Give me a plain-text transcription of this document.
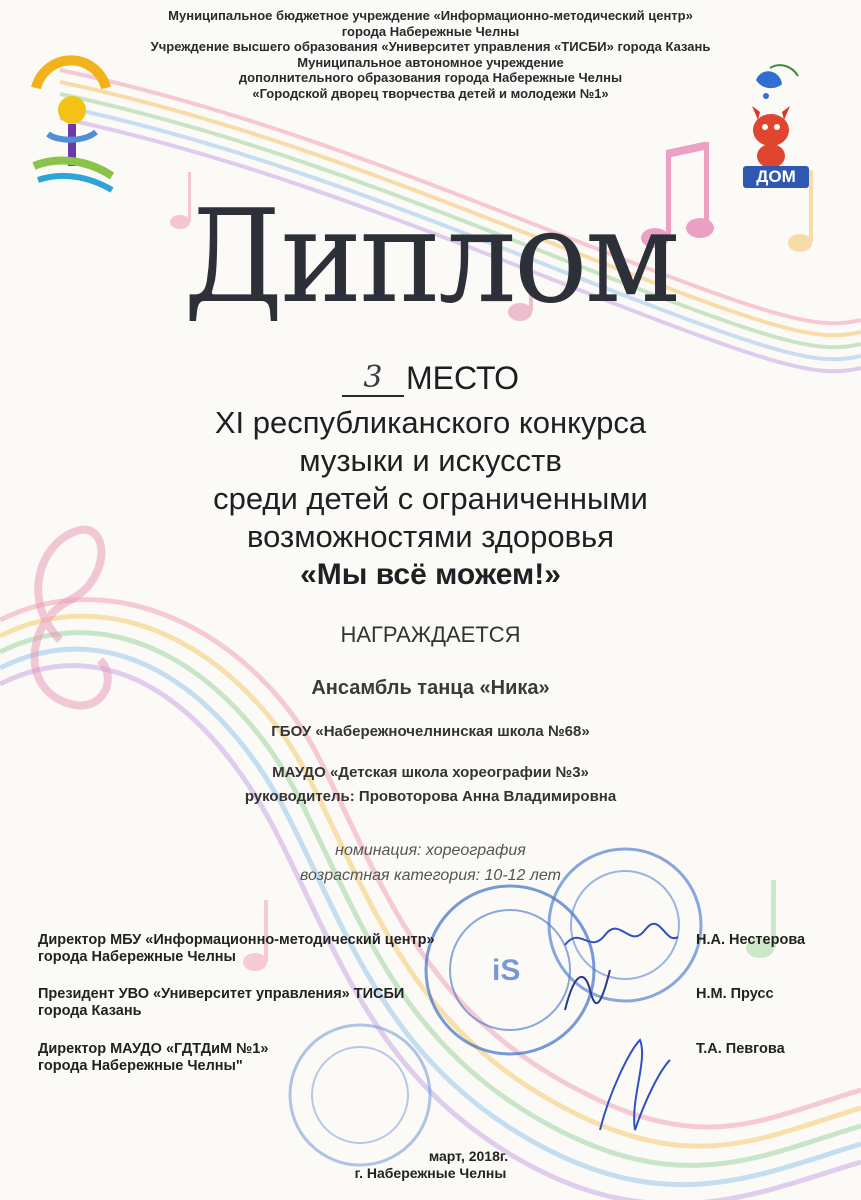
ДОМ
Муниципальное бюджетное учреждение «Информационно-методический центр»
города Набережные Челны
Учреждение высшего образования «Университет управления «ТИСБИ» города Казань
Муниципальное автономное учреждение
дополнительного образования города Набережные Челны
«Городской дворец творчества детей и молодежи №1»
Диплом
3 МЕСТО
XI республиканского конкурса
музыки и искусств
среди детей с ограниченными
возможностями здоровья
«Мы всё можем!»
НАГРАЖДАЕТСЯ
Ансамбль танца «Ника»
ГБОУ «Набережночелнинская школа №68»
МАУДО «Детская школа хореографии №3»
руководитель: Провоторова Анна Владимировна
номинация: хореография
возрастная категория: 10-12 лет
iS
Директор МБУ «Информационно-методический центр»
города Набережные Челны
Н.А. Нестерова
Президент УВО «Университет управления» ТИСБИ
города Казань
Н.М. Прусс
Директор МАУДО «ГДТДиМ №1»
города Набережные Челны"
Т.А. Певгова
март, 2018г.
г. Набережные Челны
